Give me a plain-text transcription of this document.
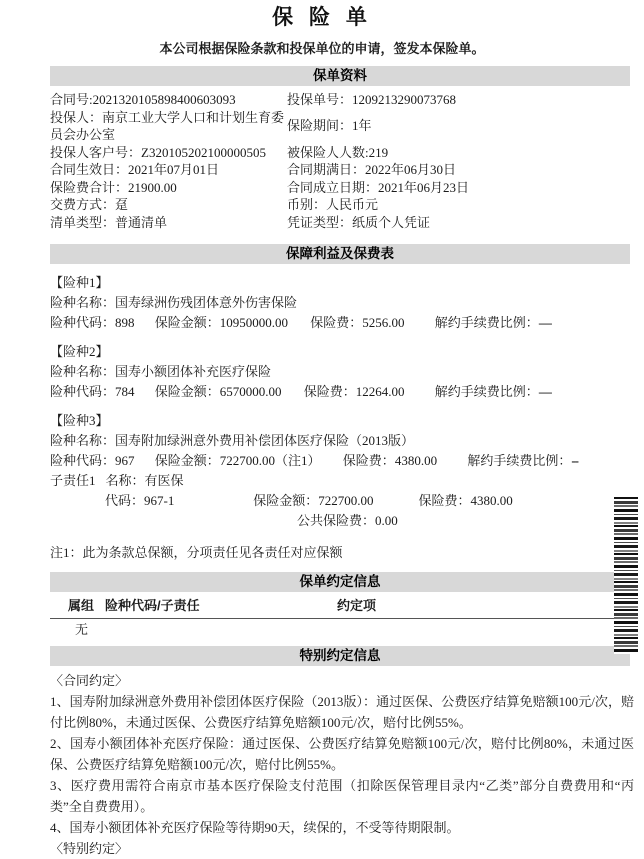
保 险 单
本公司根据保险条款和投保单位的申请，签发本保险单。
保单资料
合同号:2021320105898400603093	投保单号：1209213290073768
投保人：南京工业大学人口和计划生育委员会办公室
保险期间：1年
投保人客户号：Z320105202100000505	被保险人人数:219
合同生效日：2021年07月01日	合同期满日：2022年06月30日
保险费合计：21900.00	合同成立日期：2021年06月23日
交费方式：趸	币别：人民币元
清单类型：普通清单	凭证类型：纸质个人凭证
保障利益及保费表
【险种1】
险种名称：国寿绿洲伤残团体意外伤害保险
险种代码：898 保险金额：10950000.00 保险费：5256.00 解约手续费比例：—
【险种2】
险种名称：国寿小额团体补充医疗保险
险种代码：784 保险金额：6570000.00 保险费：12264.00 解约手续费比例：—
【险种3】
险种名称：国寿附加绿洲意外费用补偿团体医疗保险（2013版）
险种代码：967 保险金额：722700.00（注1） 保险费：4380.00 解约手续费比例：--
子责任1 名称：有医保
代码：967-1	保险金额：722700.00	保险费：4380.00
公共保险费：0.00
注1：此为条款总保额，分项责任见各责任对应保额
保单约定信息
属组 险种代码/子责任	约定项
无
特别约定信息

〈合同约定〉

1、国寿附加绿洲意外费用补偿团体医疗保险（2013版）：通过医保、公费医疗结算免赔额100元/次，赔付比例80%，未通过医保、公费医疗结算免赔额100元/次，赔付比例55%。

2、国寿小额团体补充医疗保险：通过医保、公费医疗结算免赔额100元/次，赔付比例80%，未通过医保、公费医疗结算免赔额100元/次，赔付比例55%。

3、医疗费用需符合南京市基本医疗保险支付范围（扣除医保管理目录内“乙类”部分自费费用和“丙类”全自费费用）。

4、国寿小额团体补充医疗保险等待期90天，续保的，不受等待期限制。

〈特别约定〉
